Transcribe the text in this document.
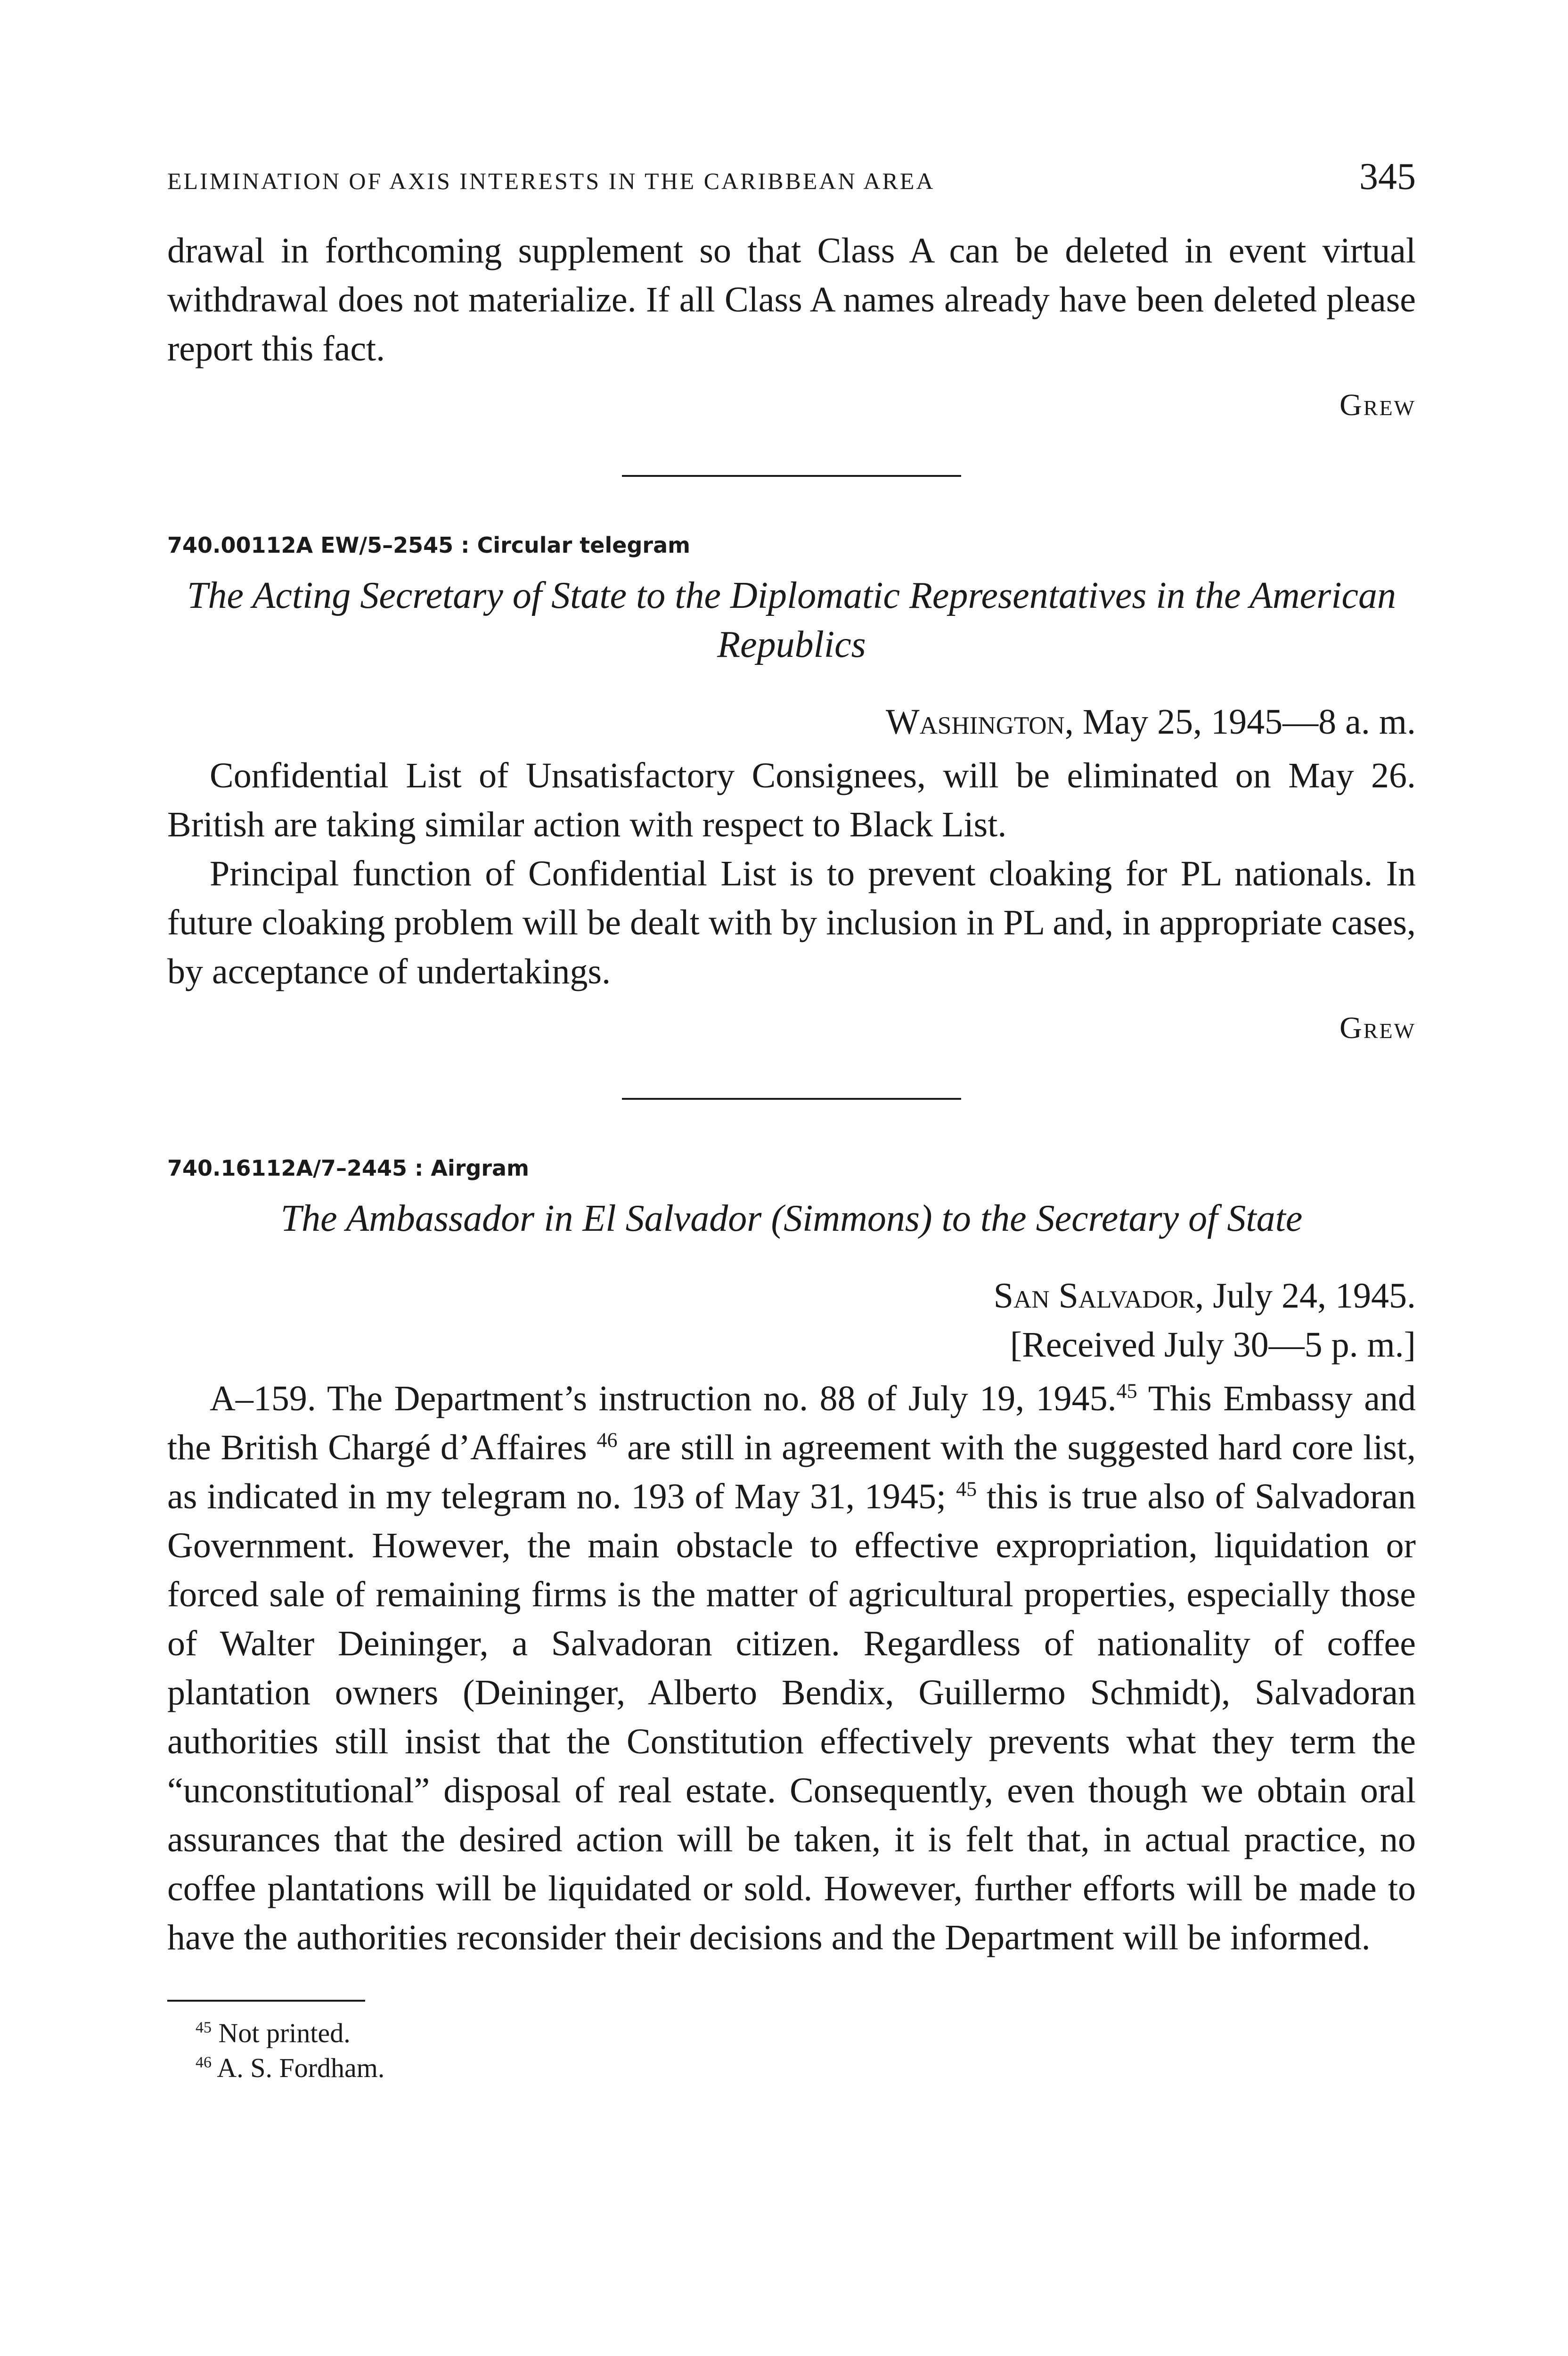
ELIMINATION OF AXIS INTERESTS IN THE CARIBBEAN AREA	345

drawal in forthcoming supplement so that Class A can be deleted in event virtual withdrawal does not materialize. If all Class A names already have been deleted please report this fact.

Grew
740.00112A EW/5–2545 : Circular telegram
The Acting Secretary of State to the Diplomatic Representatives in the American Republics
Washington, May 25, 1945—8 a. m.

Confidential List of Unsatisfactory Consignees, will be eliminated on May 26. British are taking similar action with respect to Black List.

Principal function of Confidential List is to prevent cloaking for PL nationals. In future cloaking problem will be dealt with by inclusion in PL and, in appropriate cases, by acceptance of undertakings.

Grew
740.16112A/7–2445 : Airgram
The Ambassador in El Salvador (Simmons) to the Secretary of State
San Salvador, July 24, 1945.
[Received July 30—5 p. m.]

A–159. The Department’s instruction no. 88 of July 19, 1945.45 This Embassy and the British Chargé d’Affaires $^{46}$ are still in agreement with the suggested hard core list, as indicated in my telegram no. 193 of May 31, 1945; $^{45}$ this is true also of Salvadoran Government. However, the main obstacle to effective expropriation, liquidation or forced sale of remaining firms is the matter of agricultural properties, especially those of Walter Deininger, a Salvadoran citizen. Regardless of nationality of coffee plantation owners (Deininger, Alberto Bendix, Guillermo Schmidt), Salvadoran authorities still insist that the Constitution effectively prevents what they term the “unconstitutional” disposal of real estate. Consequently, even though we obtain oral assurances that the desired action will be taken, it is felt that, in actual practice, no coffee plantations will be liquidated or sold. However, further efforts will be made to have the authorities reconsider their decisions and the Department will be informed.

$^{45}$ Not printed.
$^{46}$ A. S. Fordham.
